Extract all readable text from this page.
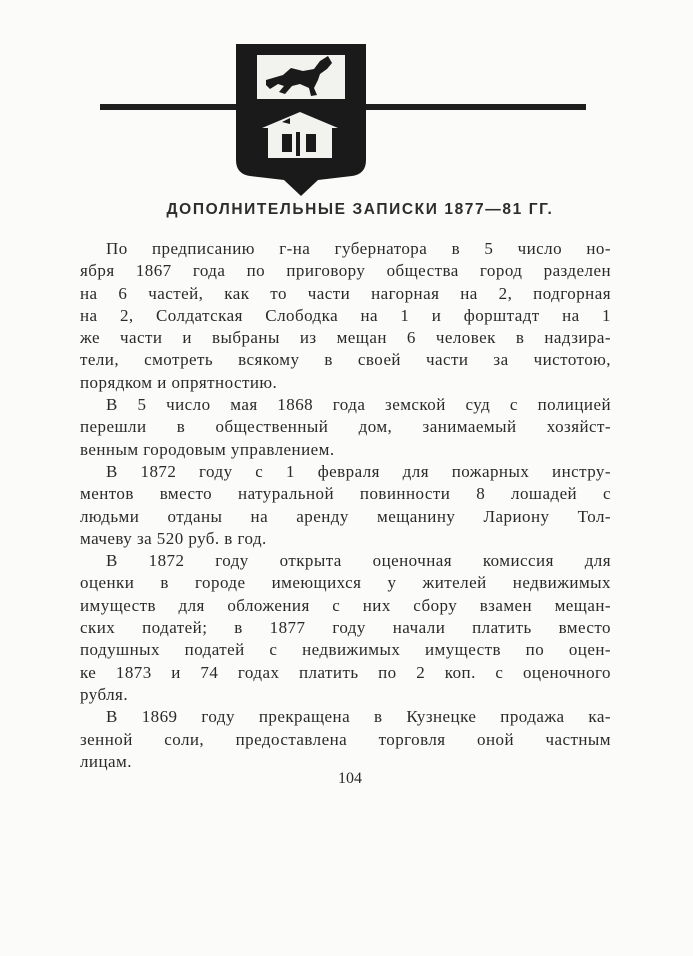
ДОПОЛНИТЕЛЬНЫЕ ЗАПИСКИ 1877—81 ГГ.
По предписанию г-на губернатора в 5 число но-
ября 1867 года по приговору общества город разделен
на 6 частей, как то части нагорная на 2, подгорная
на 2, Солдатская Слободка на 1 и форштадт на 1
же части и выбраны из мещан 6 человек в надзира-
тели, смотреть всякому в своей части за чистотою,
порядком и опрятностию.
В 5 число мая 1868 года земской суд с полицией
перешли в общественный дом, занимаемый хозяйст-
венным городовым управлением.
В 1872 году с 1 февраля для пожарных инстру-
ментов вместо натуральной повинности 8 лошадей с
людьми отданы на аренду мещанину Лариону Тол-
мачеву за 520 руб. в год.
В 1872 году открыта оценочная комиссия для
оценки в городе имеющихся у жителей недвижимых
имуществ для обложения с них сбору взамен мещан-
ских податей; в 1877 году начали платить вместо
подушных податей с недвижимых имуществ по оцен-
ке 1873 и 74 годах платить по 2 коп. с оценочного
рубля.
В 1869 году прекращена в Кузнецке продажа ка-
зенной соли, предоставлена торговля оной частным
лицам.
104
